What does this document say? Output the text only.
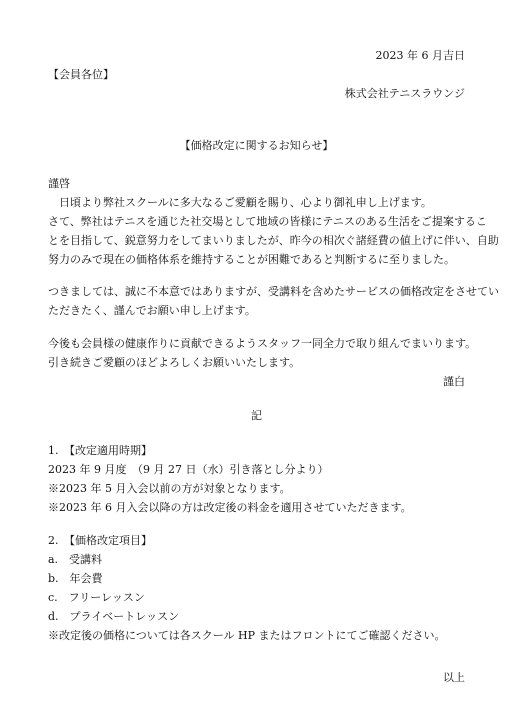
2023 年 6 月吉日
【会員各位】
株式会社テニスラウンジ
【価格改定に関するお知らせ】
謹啓
　日頃より弊社スクールに多大なるご愛顧を賜り、心より御礼申し上げます。
さて、弊社はテニスを通じた社交場として地域の皆様にテニスのある生活をご提案するこ
とを目指して、鋭意努力をしてまいりましたが、昨今の相次ぐ諸経費の値上げに伴い、自助
努力のみで現在の価格体系を維持することが困難であると判断するに至りました。
つきましては、誠に不本意ではありますが、受講料を含めたサービスの価格改定をさせてい
ただきたく、謹んでお願い申し上げます。
今後も会員様の健康作りに貢献できるようスタッフ一同全力で取り組んでまいります。
引き続きご愛顧のほどよろしくお願いいたします。
謹白
記
1.　【改定適用時期】
2023 年 9 月度　（9 月 27 日（水）引き落とし分より）
※2023 年 5 月入会以前の方が対象となります。
※2023 年 6 月入会以降の方は改定後の料金を適用させていただきます。
2.　【価格改定項目】
a.　受講料
b.　年会費
c.　フリーレッスン
d.　プライベートレッスン
※改定後の価格については各スクール HP またはフロントにてご確認ください。
以上
